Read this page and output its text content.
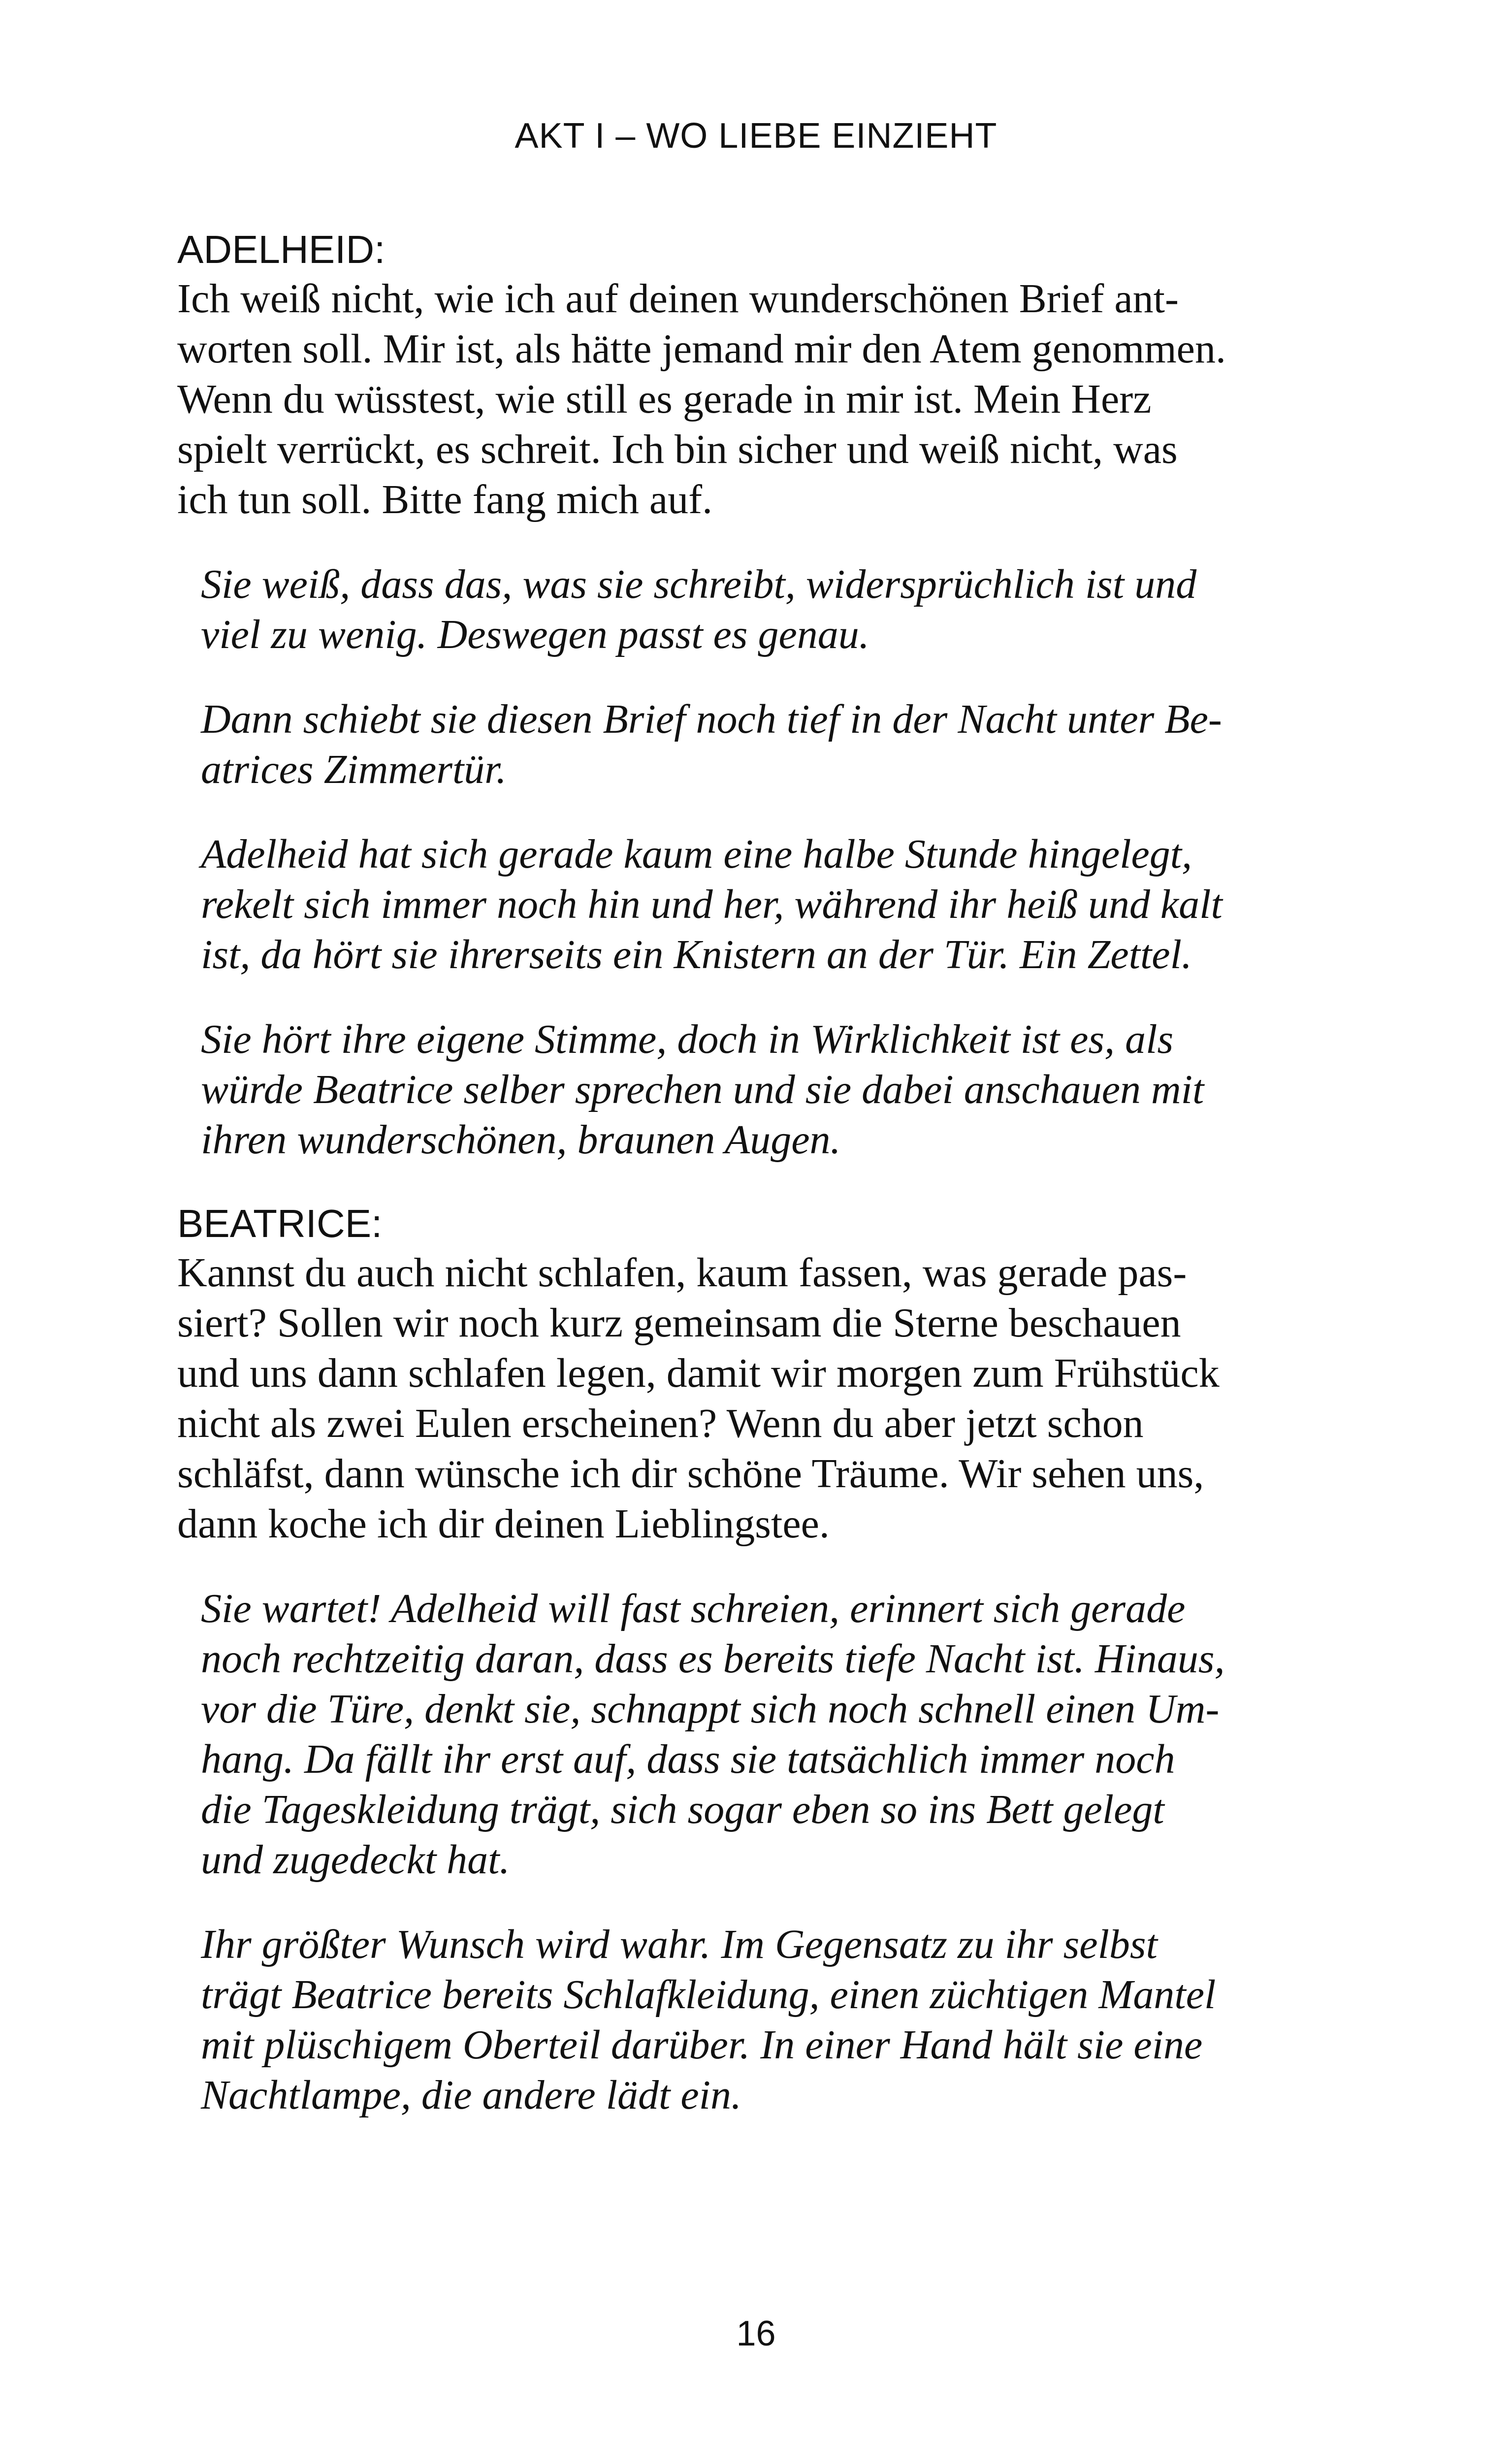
AKT I – WO LIEBE EINZIEHT

ADELHEID:

Ich weiß nicht, wie ich auf deinen wunderschönen Brief ant-
worten soll. Mir ist, als hätte jemand mir den Atem genommen.
Wenn du wüsstest, wie still es gerade in mir ist. Mein Herz
spielt verrückt, es schreit. Ich bin sicher und weiß nicht, was
ich tun soll. Bitte fang mich auf.

Sie weiß, dass das, was sie schreibt, widersprüchlich ist und
viel zu wenig. Deswegen passt es genau.

Dann schiebt sie diesen Brief noch tief in der Nacht unter Be-
atrices Zimmertür.

Adelheid hat sich gerade kaum eine halbe Stunde hingelegt,
rekelt sich immer noch hin und her, während ihr heiß und kalt
ist, da hört sie ihrerseits ein Knistern an der Tür. Ein Zettel.

Sie hört ihre eigene Stimme, doch in Wirklichkeit ist es, als
würde Beatrice selber sprechen und sie dabei anschauen mit
ihren wunderschönen, braunen Augen.

BEATRICE:

Kannst du auch nicht schlafen, kaum fassen, was gerade pas-
siert? Sollen wir noch kurz gemeinsam die Sterne beschauen
und uns dann schlafen legen, damit wir morgen zum Frühstück
nicht als zwei Eulen erscheinen? Wenn du aber jetzt schon
schläfst, dann wünsche ich dir schöne Träume. Wir sehen uns,
dann koche ich dir deinen Lieblingstee.

Sie wartet! Adelheid will fast schreien, erinnert sich gerade
noch rechtzeitig daran, dass es bereits tiefe Nacht ist. Hinaus,
vor die Türe, denkt sie, schnappt sich noch schnell einen Um-
hang. Da fällt ihr erst auf, dass sie tatsächlich immer noch
die Tageskleidung trägt, sich sogar eben so ins Bett gelegt
und zugedeckt hat.

Ihr größter Wunsch wird wahr. Im Gegensatz zu ihr selbst
trägt Beatrice bereits Schlafkleidung, einen züchtigen Mantel
mit plüschigem Oberteil darüber. In einer Hand hält sie eine
Nachtlampe, die andere lädt ein.

16
